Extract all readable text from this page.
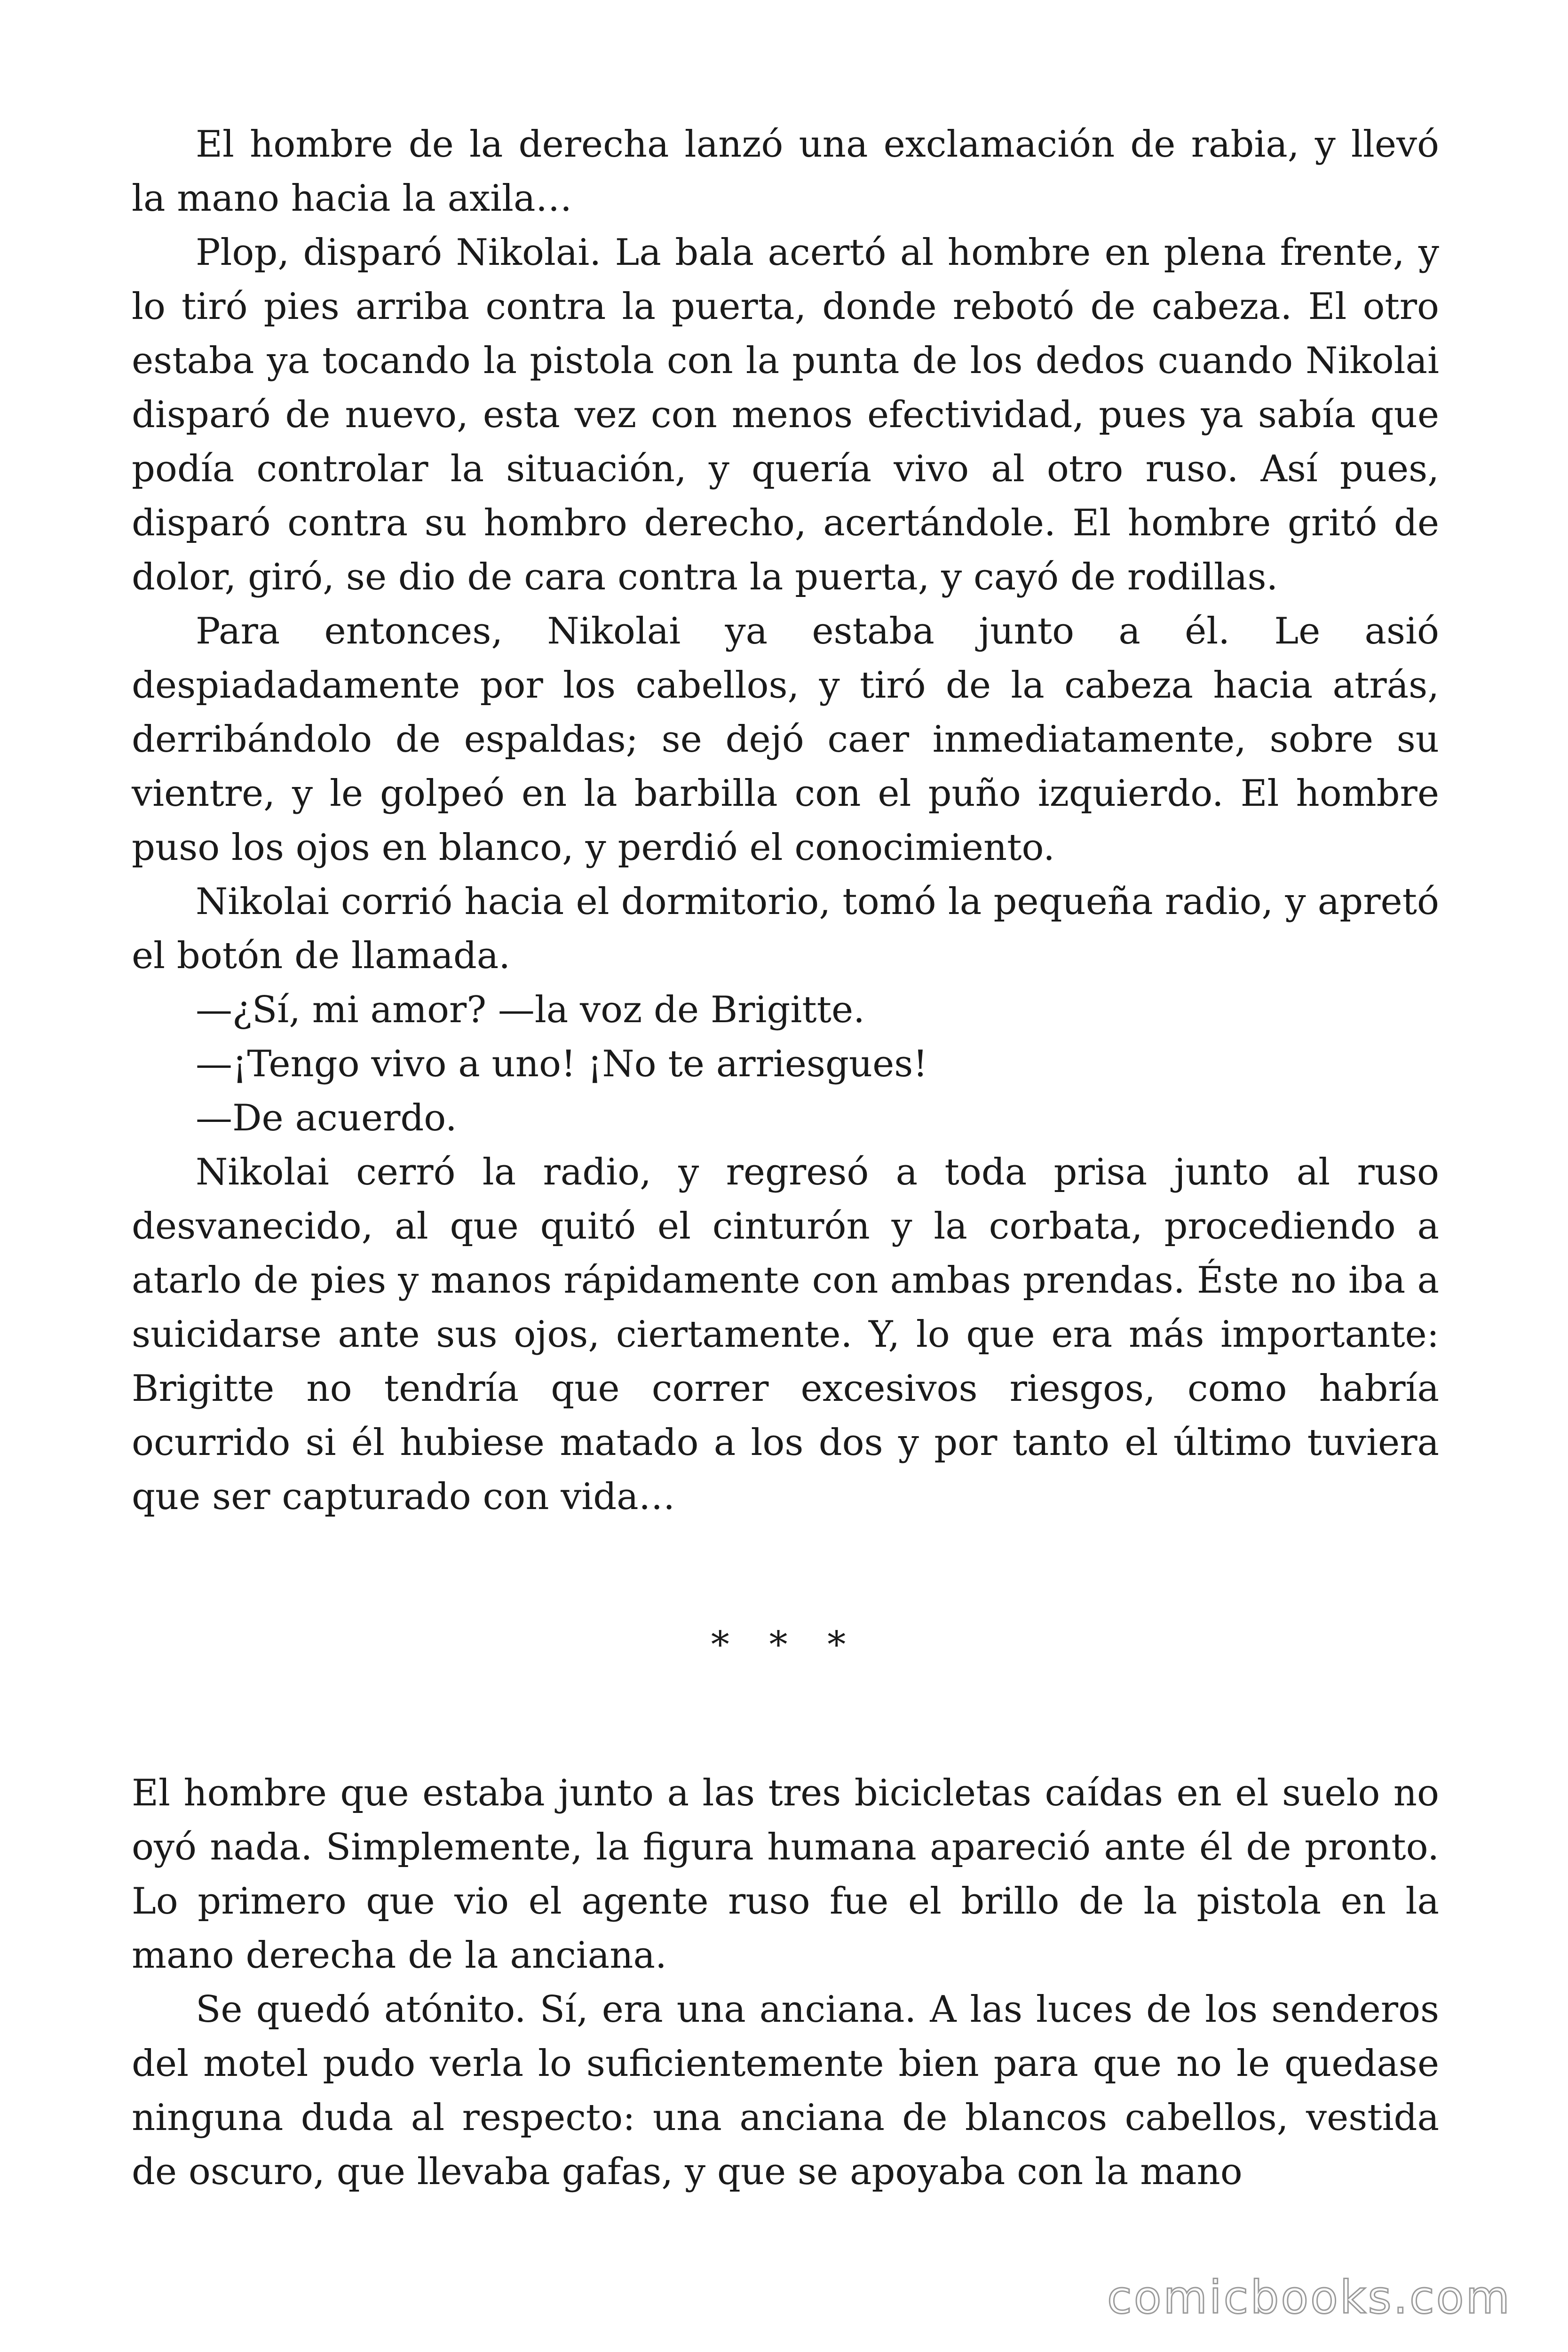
El hombre de la derecha lanzó una exclamación de rabia, y llevó la mano hacia la axila…

Plop, disparó Nikolai. La bala acertó al hombre en plena frente, y lo tiró pies arriba contra la puerta, donde rebotó de cabeza. El otro estaba ya tocando la pistola con la punta de los dedos cuando Nikolai disparó de nuevo, esta vez con menos efectividad, pues ya sabía que podía controlar la situación, y quería vivo al otro ruso. Así pues, disparó contra su hombro derecho, acertándole. El hombre gritó de dolor, giró, se dio de cara contra la puerta, y cayó de rodillas.

Para entonces, Nikolai ya estaba junto a él. Le asió despiadadamente por los cabellos, y tiró de la cabeza hacia atrás, derribándolo de espaldas; se dejó caer inmediatamente, sobre su vientre, y le golpeó en la barbilla con el puño izquierdo. El hombre puso los ojos en blanco, y perdió el conocimiento.

Nikolai corrió hacia el dormitorio, tomó la pequeña radio, y apretó el botón de llamada.

—¿Sí, mi amor? —la voz de Brigitte.

—¡Tengo vivo a uno! ¡No te arriesgues!

—De acuerdo.

Nikolai cerró la radio, y regresó a toda prisa junto al ruso desvanecido, al que quitó el cinturón y la corbata, procediendo a atarlo de pies y manos rápidamente con ambas prendas. Éste no iba a suicidarse ante sus ojos, ciertamente. Y, lo que era más importante: Brigitte no tendría que correr excesivos riesgos, como habría ocurrido si él hubiese matado a los dos y por tanto el último tuviera que ser capturado con vida…

* * *

El hombre que estaba junto a las tres bicicletas caídas en el suelo no oyó nada. Simplemente, la figura humana apareció ante él de pronto. Lo primero que vio el agente ruso fue el brillo de la pistola en la mano derecha de la anciana.

Se quedó atónito. Sí, era una anciana. A las luces de los senderos del motel pudo verla lo suficientemente bien para que no le quedase ninguna duda al respecto: una anciana de blancos cabellos, vestida de oscuro, que llevaba gafas, y que se apoyaba con la mano

comicbooks.com
